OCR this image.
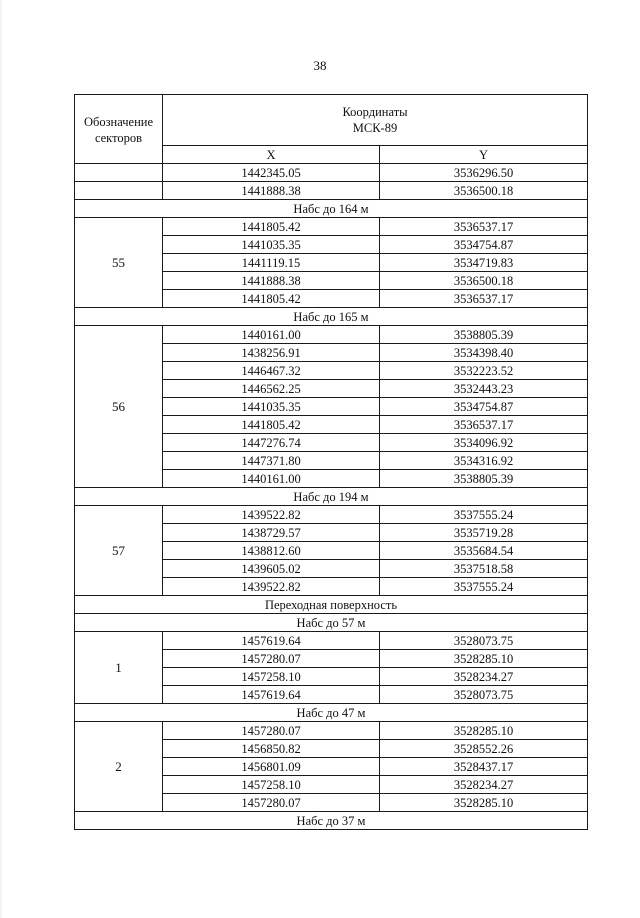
38
Обозначение секторов	Координаты
МСК-89	

	X	Y
	1442345.05	3536296.50
	1441888.38	3536500.18
Набс до 164 м		
55	1441805.42	3536537.17
	1441035.35	3534754.87
	1441119.15	3534719.83
	1441888.38	3536500.18
	1441805.42	3536537.17
Набс до 165 м		
56	1440161.00	3538805.39
	1438256.91	3534398.40
	1446467.32	3532223.52
	1446562.25	3532443.23
	1441035.35	3534754.87
	1441805.42	3536537.17
	1447276.74	3534096.92
	1447371.80	3534316.92
	1440161.00	3538805.39
Набс до 194 м		
57	1439522.82	3537555.24
	1438729.57	3535719.28
	1438812.60	3535684.54
	1439605.02	3537518.58
	1439522.82	3537555.24
Переходная поверхность		
Набс до 57 м		
1	1457619.64	3528073.75
	1457280.07	3528285.10
	1457258.10	3528234.27
	1457619.64	3528073.75
Набс до 47 м		
2	1457280.07	3528285.10
	1456850.82	3528552.26
	1456801.09	3528437.17
	1457258.10	3528234.27
	1457280.07	3528285.10
Набс до 37 м		
